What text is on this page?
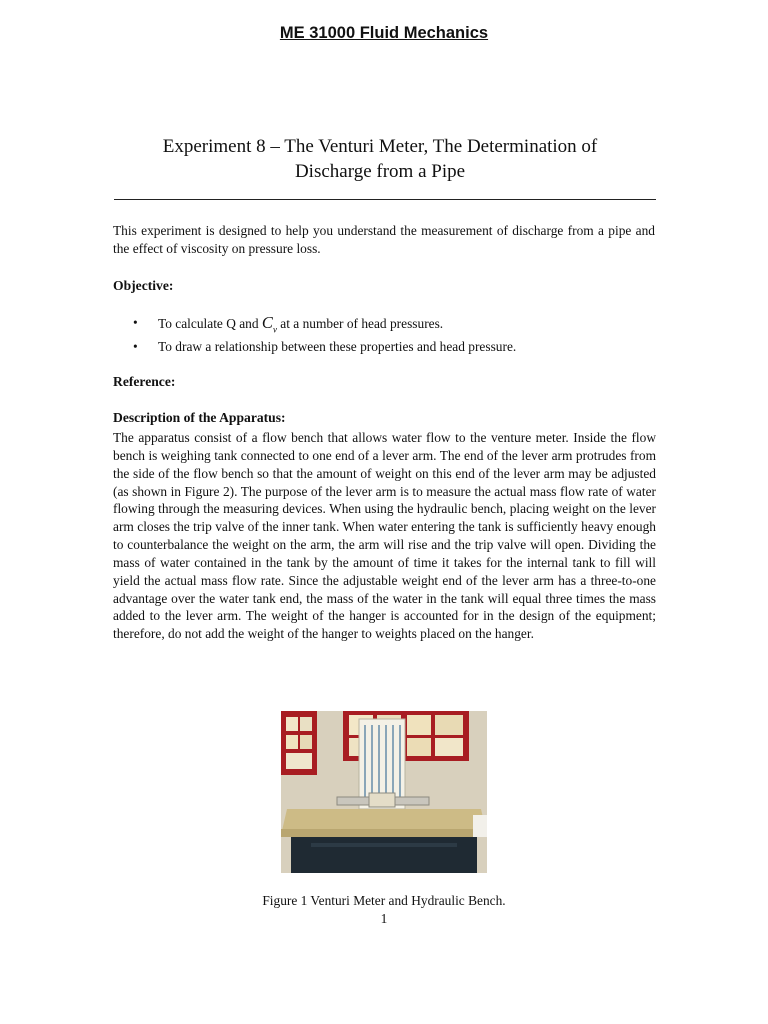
ME 31000 Fluid Mechanics
Experiment 8 – The Venturi Meter, The Determination of
Discharge from a Pipe
This experiment is designed to help you understand the measurement of discharge from a pipe and the effect of viscosity on pressure loss.
Objective:
• To calculate Q and $C_v$ at a number of head pressures.
• To draw a relationship between these properties and head pressure.
Reference:
Description of the Apparatus:
The apparatus consist of a flow bench that allows water flow to the venture meter. Inside the flow bench is weighing tank connected to one end of a lever arm. The end of the lever arm protrudes from the side of the flow bench so that the amount of weight on this end of the lever arm may be adjusted (as shown in Figure 2). The purpose of the lever arm is to measure the actual mass flow rate of water flowing through the measuring devices. When using the hydraulic bench, placing weight on the lever arm closes the trip valve of the inner tank. When water entering the tank is sufficiently heavy enough to counterbalance the weight on the arm, the arm will rise and the trip valve will open. Dividing the mass of water contained in the tank by the amount of time it takes for the internal tank to fill will yield the actual mass flow rate. Since the adjustable weight end of the lever arm has a three-to-one advantage over the water tank end, the mass of the water in the tank will equal three times the mass added to the lever arm. The weight of the hanger is accounted for in the design of the equipment; therefore, do not add the weight of the hanger to weights placed on the hanger.
Figure 1 Venturi Meter and Hydraulic Bench.
1
